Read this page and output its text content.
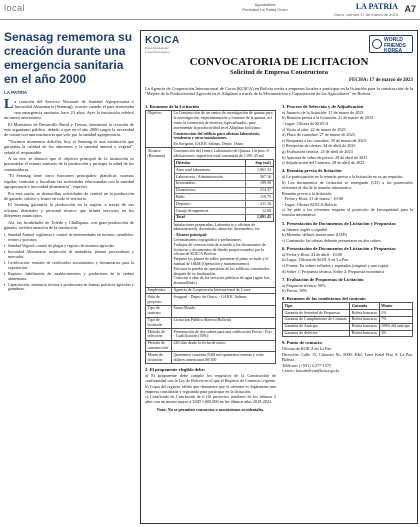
local	Agoravibles
Periódico La Patria Oruro	LA PATRIA
Oruro, viernes 17 de marzo de 2023
A7
Senasag rememora su creación durante una emergencia sanitaria en el año 2000
LA PATRIA

La creación del Servicio Nacional de Sanidad Agropecuaria e Inocuidad Alimentaria (Senasag), ocurrió cuando el país atravesaba una emergencia sanitaria, hace 23 años. Ayer la institución celebró un nuevo aniversario.

El Ministerio de Desarrollo Rural y Tierras, determinó la creación de este organismo público, debido a que en el año 2000 surgió la necesidad de contar con una institución que vele por la sanidad agropecuaria.

"Tuvimos momentos difíciles, hoy el Senasag es una institución que garantiza la calidad de los alimentos y la sanidad animal y vegetal", señaló el responsable.

A su vez, se destacó que el objetivo principal de la institución es precautelar el estatus sanitario de la producción y proteger la salud de los consumidores.

"El Senasag tiene cinco funciones principales: planificar, normar, regular, controlar y fiscalizar las actividades relacionadas con la sanidad agropecuaria e inocuidad alimentaria", expresó.

Por esta razón, se desarrollan actividades de control en la producción de ganado, cultivo y frutos en todo el territorio.

El Senasag garantiza la producción en la región, a través de sus oficinas distritales y personal técnico que brinda servicios en los diferentes municipios.

Así, las localidades de Toledo y Challapata, con gran producción de ganado, reciben atención de la institución.

▪ Sanidad Animal: vigilancia y control de enfermedades en bovinos, camélidos, ovinos y porcinos.
▪ Sanidad Vegetal: control de plagas y registro de insumos agrícolas.
▪ Inocuidad Alimentaria: inspección de mataderos, plantas procesadoras y mercados.
▪ Certificación: emisión de certificados zoosanitarios y fitosanitarios para la exportación.
▪ Registro: habilitación de establecimientos y productores de la cadena alimentaria.
▪ Capacitación: asistencia técnica a productores en buenas prácticas agrícolas y ganaderas.
KOICA
Korea International Cooperation Agency
WORLD
FRIENDS
KOREA
CONVOCATORIA DE LICITACION
Solicitud de Empresa Constructora
FECHA: 17 de marzo de 2023
La Agencia de Cooperación Internacional de Corea (KOICA) en Bolivia invita a empresas locales a participar en la licitación para la construcción de la "Mejora de la Productividad Agrícola en el Altiplano a través de la Mecanización y Capacitación de los Agricultores" en Bolivia.
1. Resumen de la Licitación
Objetivo	La Construcción de un centro de investigación de quinua para la investigación, experimentación y fomento de la quinua, así como la formación de técnicos especializados, para incrementar la productividad en el Altiplano boliviano.
Construcción del edificio para oficinas laboratorio, residencia y otras instalaciones.
En Sorigoni, GAIOC Salinas, Depto. Oruro

Alcance (Resumen)	
Construcción del Centro Laboratorio de Quinua. Un piso, 8 edificaciones, superficie total construida de 1,091.45 m2
División	Sup (m2)
Área total laboratorio	1,061.33
Laboratorio / Administración	367.16
Invernadero	199.30
Dormitorios	214.37
Baño	119.75
Depósito	211.16
Garaje de ingeniería	12.00
Total	1,091.45
Instalaciones preparadas: Laboratorio y oficinas de administración, dormitorio, almacén, invernadero, etc.
- Alcance principal:
Levantamiento topográfico y preliminares.
Trabajos de construcción de acuerdo a los documentos de licitación y documentos de diseño proporcionados por la oficina de KOICA Bolivia.
Preparar los planos de taller, presentar el plano as-built y el manual de O&M (Operación y mantenimiento).
Efectuar la prueba de operación de los edificios construidos después de su finalización.
Conectar a obra de los servicios públicos de agua (agua, luz, alcantarillado).

Empleador	Agencia de Cooperación Internacional de Corea
Sitio de proyecto	Sorigoni - Depto. de Oruro, - GAIOC Salinas
Tipo de contrato	Suma Alzada
Tipo de licitación	Licitación Pública Abierta (Bolivia)
Método de selección	Presentación de dos sobres para una calificación Precio / Fijo - Cualificación (50%)
Período de construcción	240 días desde la fecha de inicio
Monto de licitación	Quinientos cuarenta (540) mil quinientos sesenta y ocho dólares americanos 00/100
2. El proponente elegible debe:
a) El proponente debe cumplir los requisitos de la Constructión de conformidad con la Ley de Bolivia en el que el Registro de Comercio vigente.
b) Copia del registro válido que demuestre que el oferente es legalmente una empresa constituida y registrada para participar en la licitación.
c) Certificado de Conclusión de 6 (6) proyectos similares en los últimos 5 años con un monto mayor a USD 1,000,000 en los últimos años 2018-2022.
Nota: No se permiten consorcios o asociaciones accidentales.
3. Proceso de Selección y de Adjudicación
a) Anuncio de la licitación: 17 de marzo de 2023
b) Reunión previa a la licitación: 21 de marzo de 2023
- Lugar: Oficina de KOICA
c) Visita al sitio: 22 de marzo de 2023
d) Plazo de consultas: 27 de marzo de 2023
e) Respuesta a las consultas: 30 de marzo de 2023
f) Recepción de ofertas: 24 de abril de 2023
g) Evaluación técnica: 25 de abril de 2023
h) Apertura de sobre de precio: 28 de abril de 2023
i) Adjudicación del Contrato: 28 de abril de 2023
4. Reunión previa de licitación
a) La participación en la reunión previa a la licitación no es un requisito.
b) Los documentos de licitación se entregarán (CD) a los potenciales oferentes el día de la reunión informativa.
Reunión previa a la licitación
- Fecha y Hora: 21 de marzo - 10:00
- Lugar: Oficina KOICA Bolivia
c) Se pide a los oferentes respetar el protocolo de bioseguridad para la reunión informativa.
5. Presentación de Documentos de Licitación y Propuestas
a) Idioma: inglés o español
b) Moneda: dólares americanos (USD)
c) Contenido: las ofertas deberán presentarse en dos sobres.
6. Presentación de Documentos de Licitación y Propuestas
a) Fecha y Hora: 24 de abril - 10:00
b) Lugar: Oficina de KOICA en La Paz
c) Forma: En sobres sellados y separados (original y una copia)
d) Sobre 1: Propuesta técnica, Sobre 2: Propuesta económica
7. Evaluación de Propuestas de Licitación
a) Propuesta técnica: 50%
b) Precio: 50%
8. Resumen de las condiciones del contrato
Tipo	Garantía	Monto
Garantía de Seriedad de Propuesta	Boleta bancaria	1%
Garantía de Cumplimiento de Contrato	Boleta bancaria	7%
Garantía de Anticipo	Boleta bancaria	100% del anticipo
Garantía de defectos	Boleta bancaria	3%
9. Punto de contacto
Oficina de KOICA en La Paz
Dirección: Calle 15, Calacoto No. 8000, Edif. Torre Ketal Piso 9, La Paz, Bolivia
Teléfono: (+591) 2-277-1575
Correo: koicabolivia@koica.go.kr
